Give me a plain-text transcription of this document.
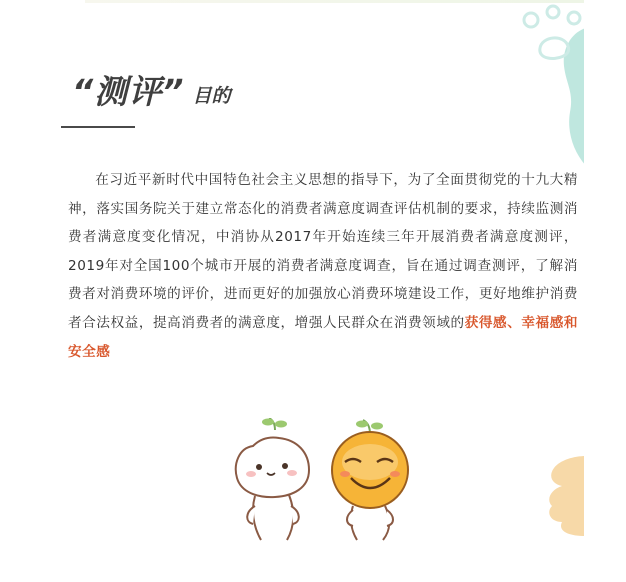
“测评” 目的

在习近平新时代中国特色社会主义思想的指导下，为了全面贯彻党的十九大精神，落实国务院关于建立常态化的消费者满意度调查评估机制的要求，持续监测消费者满意度变化情况，中消协从2017年开始连续三年开展消费者满意度测评，2019年对全国100个城市开展的消费者满意度调查，旨在通过调查测评，了解消费者对消费环境的评价，进而更好的加强放心消费环境建设工作，更好地维护消费者合法权益，提高消费者的满意度，增强人民群众在消费领域的获得感、幸福感和安全感
